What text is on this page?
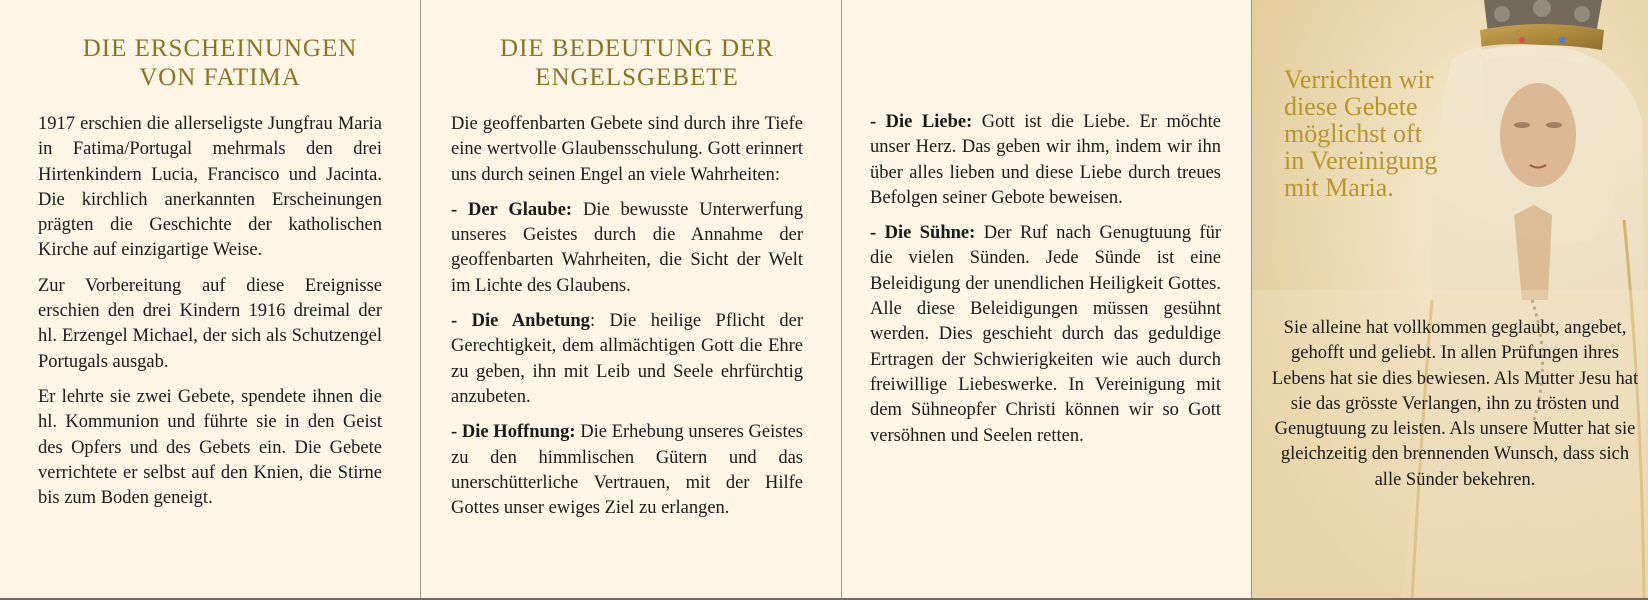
DIE ERSCHEINUNGEN
VON FATIMA

1917 erschien die allerseligste Jungfrau Maria in Fatima/Portugal mehrmals den drei Hirtenkindern Lucia, Francisco und Jacinta. Die kirchlich anerkannten Erscheinungen prägten die Geschichte der katholischen Kirche auf einzigartige Weise.

Zur Vorbereitung auf diese Ereignisse erschien den drei Kindern 1916 dreimal der hl. Erzengel Michael, der sich als Schutzengel Portugals ausgab.

Er lehrte sie zwei Gebete, spendete ihnen die hl. Kommunion und führte sie in den Geist des Opfers und des Gebets ein. Die Gebete verrichtete er selbst auf den Knien, die Stirne bis zum Boden geneigt.

DIE BEDEUTUNG DER
ENGELSGEBETE

Die geoffenbarten Gebete sind durch ihre Tiefe eine wertvolle Glaubensschulung. Gott erinnert uns durch seinen Engel an viele Wahrheiten:

- Der Glaube: Die bewusste Unterwerfung unseres Geistes durch die Annahme der geoffenbarten Wahrheiten, die Sicht der Welt im Lichte des Glaubens.

- Die Anbetung: Die heilige Pflicht der Gerechtigkeit, dem allmächtigen Gott die Ehre zu geben, ihn mit Leib und Seele ehrfürchtig anzubeten.

- Die Hoffnung: Die Erhebung unseres Geistes zu den himmlischen Gütern und das unerschütterliche Vertrauen, mit der Hilfe Gottes unser ewiges Ziel zu erlangen.

- Die Liebe: Gott ist die Liebe. Er möchte unser Herz. Das geben wir ihm, indem wir ihn über alles lieben und diese Liebe durch treues Befolgen seiner Gebote beweisen.

- Die Sühne: Der Ruf nach Genugtuung für die vielen Sünden. Jede Sünde ist eine Beleidigung der unendlichen Heiligkeit Gottes. Alle diese Beleidigungen müssen gesühnt werden. Dies geschieht durch das geduldige Ertragen der Schwierigkeiten wie auch durch freiwillige Liebeswerke. In Vereinigung mit dem Sühneopfer Christi können wir so Gott versöhnen und Seelen retten.

Verrichten wir
diese Gebete
möglichst oft
in Vereinigung
mit Maria.

Sie alleine hat vollkommen geglaubt, angebet, gehofft und geliebt. In allen Prüfungen ihres Lebens hat sie dies bewiesen. Als Mutter Jesu hat sie das grösste Verlangen, ihn zu trösten und Genugtuung zu leisten. Als unsere Mutter hat sie gleichzeitig den brennenden Wunsch, dass sich alle Sünder bekehren.
